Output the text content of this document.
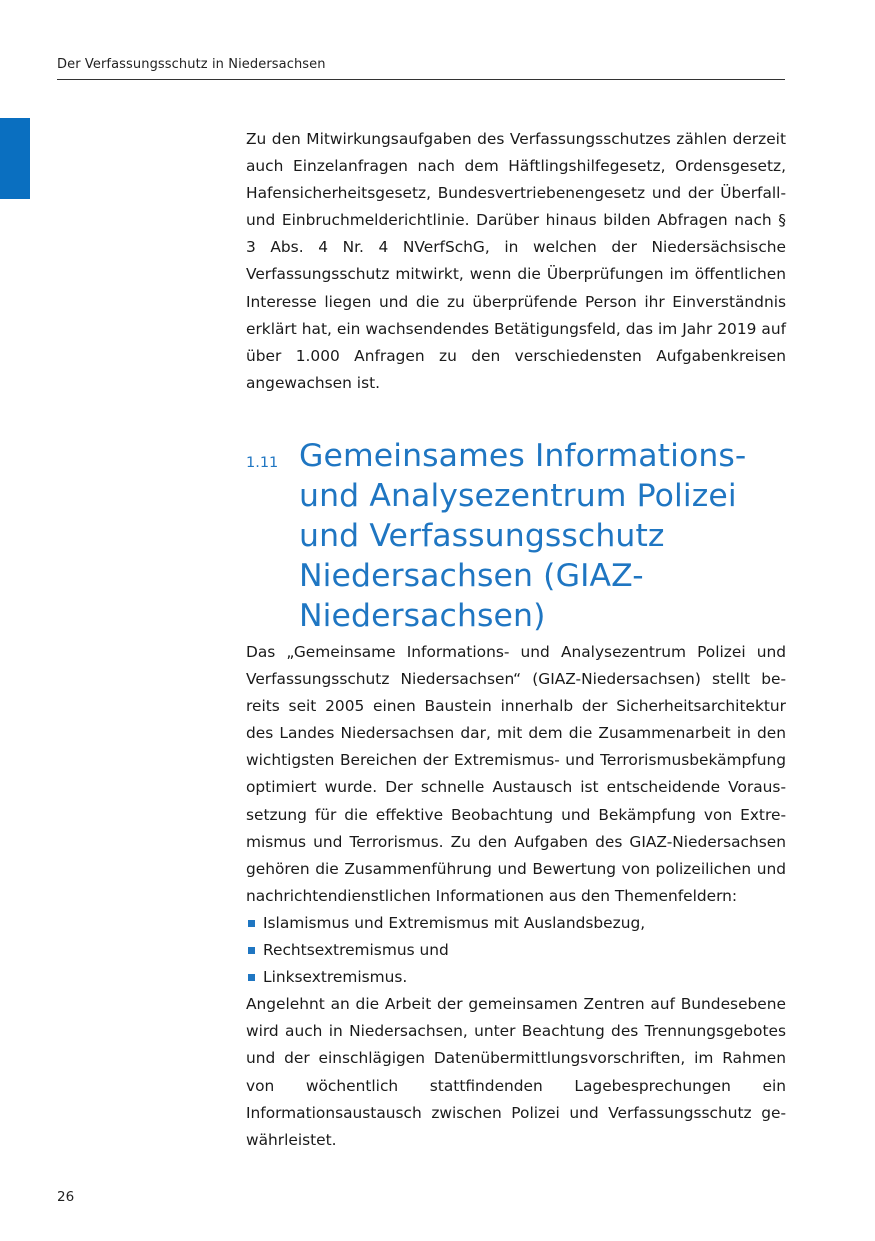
Der Verfassungsschutz in Niedersachsen

Zu den Mitwirkungsaufgaben des Verfassungsschutzes zählen derzeit auch Einzelanfragen nach dem Häftlingshilfegesetz, Ordensgesetz, Hafensicherheitsgesetz, Bundesvertriebenengesetz und der Überfall- und Einbruchmelderichtlinie. Darüber hinaus bilden Abfragen nach § 3 Abs. 4 Nr. 4 NVerfSchG, in welchen der Niedersächsische Verfassungsschutz mitwirkt, wenn die Überprüfungen im öffentlichen Interesse liegen und die zu überprüfende Person ihr Einverständnis erklärt hat, ein wachsendendes Betätigungsfeld, das im Jahr 2019 auf über 1.000 Anfragen zu den verschiedensten Aufgabenkreisen angewachsen ist.

1.11 Gemeinsames Informations- und Analysezentrum Polizei und Verfassungsschutz Niedersachsen (GIAZ-Niedersachsen)

Das „Gemeinsame Informations- und Analysezentrum Polizei und Verfassungsschutz Niedersachsen“ (GIAZ-Niedersachsen) stellt bereits seit 2005 einen Baustein innerhalb der Sicherheitsarchitektur des Landes Niedersachsen dar, mit dem die Zusammenarbeit in den wichtigsten Bereichen der Extremismus- und Terrorismusbekämpfung optimiert wurde. Der schnelle Austausch ist entscheidende Voraussetzung für die effektive Beobachtung und Bekämpfung von Extremismus und Terrorismus. Zu den Aufgaben des GIAZ-Niedersachsen gehören die Zusammenführung und Bewertung von polizeilichen und nachrichtendienstlichen Informationen aus den Themenfeldern:

Islamismus und Extremismus mit Auslandsbezug,
Rechtsextremismus und
Linksextremismus.

Angelehnt an die Arbeit der gemeinsamen Zentren auf Bundesebene wird auch in Niedersachsen, unter Beachtung des Trennungsgebotes und der einschlägigen Datenübermittlungsvorschriften, im Rahmen von wöchentlich stattfindenden Lagebesprechungen ein Informationsaustausch zwischen Polizei und Verfassungsschutz gewährleistet.

26
